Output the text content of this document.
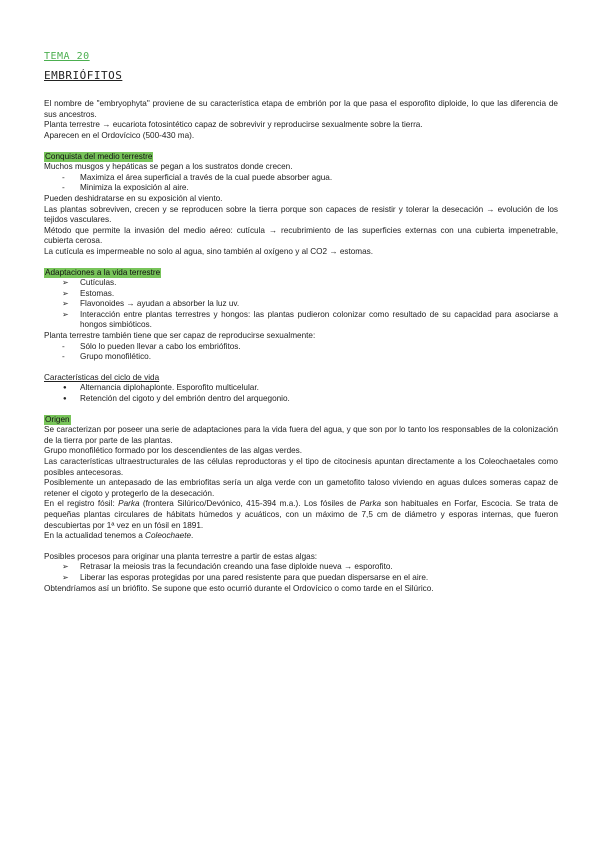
TEMA 20
EMBRIÓFITOS

El nombre de "embryophyta" proviene de su característica etapa de embrión por la que pasa el esporofito diploide, lo que las diferencia de sus ancestros.

Planta terrestre → eucariota fotosintético capaz de sobrevivir y reproducirse sexualmente sobre la tierra.

Aparecen en el Ordovícico (500-430 ma).

Conquista del medio terrestre

Muchos musgos y hepáticas se pegan a los sustratos donde crecen.

- Maximiza el área superficial a través de la cual puede absorber agua.
- Minimiza la exposición al aire.

Pueden deshidratarse en su exposición al viento.

Las plantas sobreviven, crecen y se reproducen sobre la tierra porque son capaces de resistir y tolerar la desecación → evolución de los tejidos vasculares.

Método que permite la invasión del medio aéreo: cutícula → recubrimiento de las superficies externas con una cubierta impenetrable, cubierta cerosa.

La cutícula es impermeable no solo al agua, sino también al oxígeno y al CO2 → estomas.

Adaptaciones a la vida terrestre
➢ Cutículas.
➢ Estomas.
➢ Flavonoides → ayudan a absorber la luz uv.
➢ Interacción entre plantas terrestres y hongos: las plantas pudieron colonizar como resultado de su capacidad para asociarse a hongos simbióticos.

Planta terrestre también tiene que ser capaz de reproducirse sexualmente:

- Sólo lo pueden llevar a cabo los embriófitos.
- Grupo monofilético.

Características del ciclo de vida

● Alternancia diplohaplonte. Esporofito multicelular.
● Retención del cigoto y del embrión dentro del arquegonio.
Origen

Se caracterizan por poseer una serie de adaptaciones para la vida fuera del agua, y que son por lo tanto los responsables de la colonización de la tierra por parte de las plantas.

Grupo monofilético formado por los descendientes de las algas verdes.

Las características ultraestructurales de las células reproductoras y el tipo de citocinesis apuntan directamente a los Coleochaetales como posibles antecesoras.

Posiblemente un antepasado de las embriofitas sería un alga verde con un gametofito taloso viviendo en aguas dulces someras capaz de retener el cigoto y protegerlo de la desecación.

En el registro fósil: Parka (frontera Silúrico/Devónico, 415-394 m.a.). Los fósiles de Parka son habituales en Forfar, Escocia. Se trata de pequeñas plantas circulares de hábitats húmedos y acuáticos, con un máximo de 7,5 cm de diámetro y esporas internas, que fueron descubiertas por 1ª vez en un fósil en 1891.

En la actualidad tenemos a Coleochaete.

Posibles procesos para originar una planta terrestre a partir de estas algas:

➢ Retrasar la meiosis tras la fecundación creando una fase diploide nueva → esporofito.
➢ Liberar las esporas protegidas por una pared resistente para que puedan dispersarse en el aire.

Obtendríamos así un briófito. Se supone que esto ocurrió durante el Ordovícico o como tarde en el Silúrico.
